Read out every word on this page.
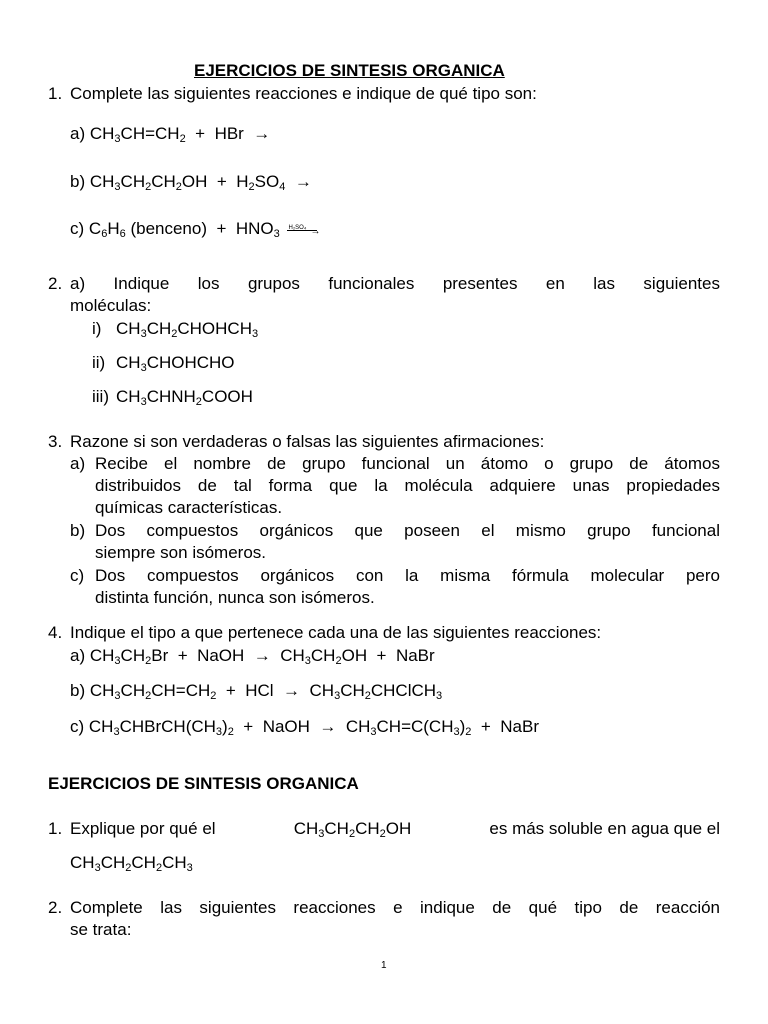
EJERCICIOS DE SINTESIS ORGANICA
1. Complete las siguientes reacciones e indique de qué tipo son:
a) $CH_3CH=CH_2$ + HBr →
b) $CH_3CH_2CH_2OH + H_2SO_4$ →
c) $C_6H_6$ (benceno) + $HNO_3$
H₂SO₄ →
2. a) Indique los grupos funcionales presentes en las siguientes
moléculas:
i) $CH_3CH_2CHOHCH_3$
ii) $CH_3CHOHCHO$
iii) $CH_3CHNH_2COOH$
3. Razone si son verdaderas o falsas las siguientes afirmaciones:
a) Recibe el nombre de grupo funcional un átomo o grupo de átomos
distribuidos de tal forma que la molécula adquiere unas propiedades
químicas características.
b) Dos compuestos orgánicos que poseen el mismo grupo funcional
siempre son isómeros.
c) Dos compuestos orgánicos con la misma fórmula molecular pero
distinta función, nunca son isómeros.
4. Indique el tipo a que pertenece cada una de las siguientes reacciones:
a) $CH_3CH_2Br$ + NaOH → $CH_3CH_2OH$ + NaBr
b) $CH_3CH_2CH=CH_2$ + HCl → $CH_3CH_2CHClCH_3$
c) $CH_3CHBrCH(CH_3)_2$ + NaOH → $CH_3CH=C(CH_3)_2$ + NaBr
EJERCICIOS DE SINTESIS ORGANICA
1. Explique por qué el	$CH_3CH_2CH_2OH$	es más soluble en agua que el
$CH_3CH_2CH_2CH_3$
2. Complete las siguientes reacciones e indique de qué tipo de reacción
se trata:
1
